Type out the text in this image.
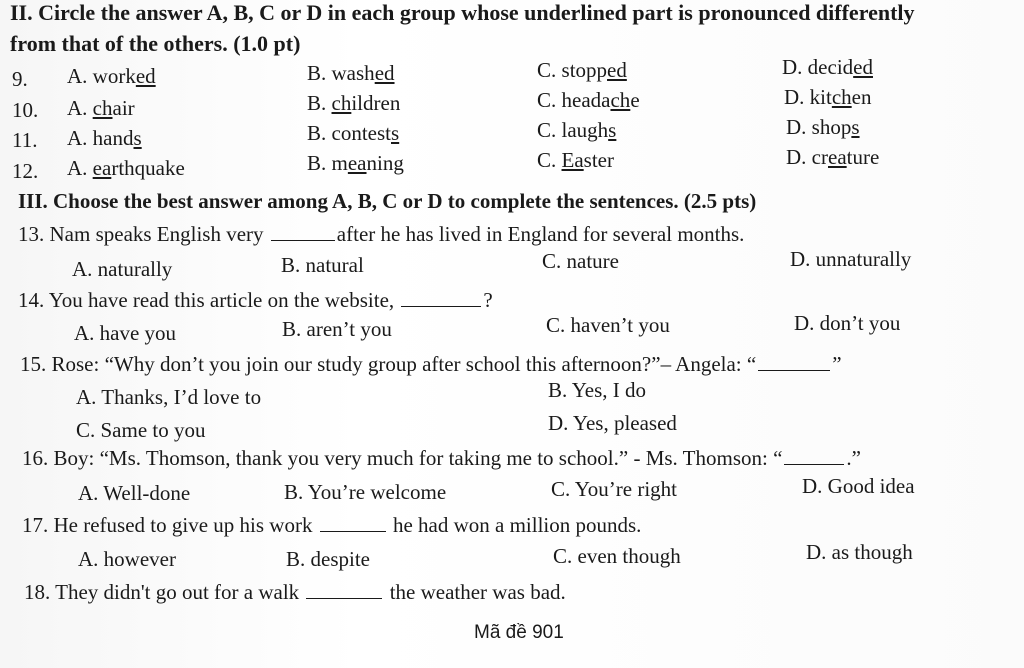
II. Circle the answer A, B, C or D in each group whose underlined part is pronounced differently
from that of the others. (1.0 pt)
9. A. worked	B. washed	C. stopped	D. decided
10. A. chair	B. children	C. headache	D. kitchen
11. A. hands	B. contests	C. laughs	D. shops
12. A. earthquake	B. meaning	C. Easter	D. creature
III. Choose the best answer among A, B, C or D to complete the sentences. (2.5 pts)
13. Nam speaks English very	after he has lived in England for several months.
A. naturally	B. natural	C. nature	D. unnaturally
14. You have read this article on the website,	?
A. have you	B. aren’t you	C. haven’t you	D. don’t you
15. Rose: “Why don’t you join our study group after school this afternoon?”– Angela: “	”
A. Thanks, I’d love to	B. Yes, I do
C. Same to you	D. Yes, pleased
16. Boy: “Ms. Thomson, thank you very much for taking me to school.” - Ms. Thomson: “	.”
A. Well-done	B. You’re welcome	C. You’re right	D. Good idea
17. He refused to give up his work	he had won a million pounds.
A. however	B. despite	C. even though	D. as though
18. They didn't go out for a walk	the weather was bad.
Mã đề 901
